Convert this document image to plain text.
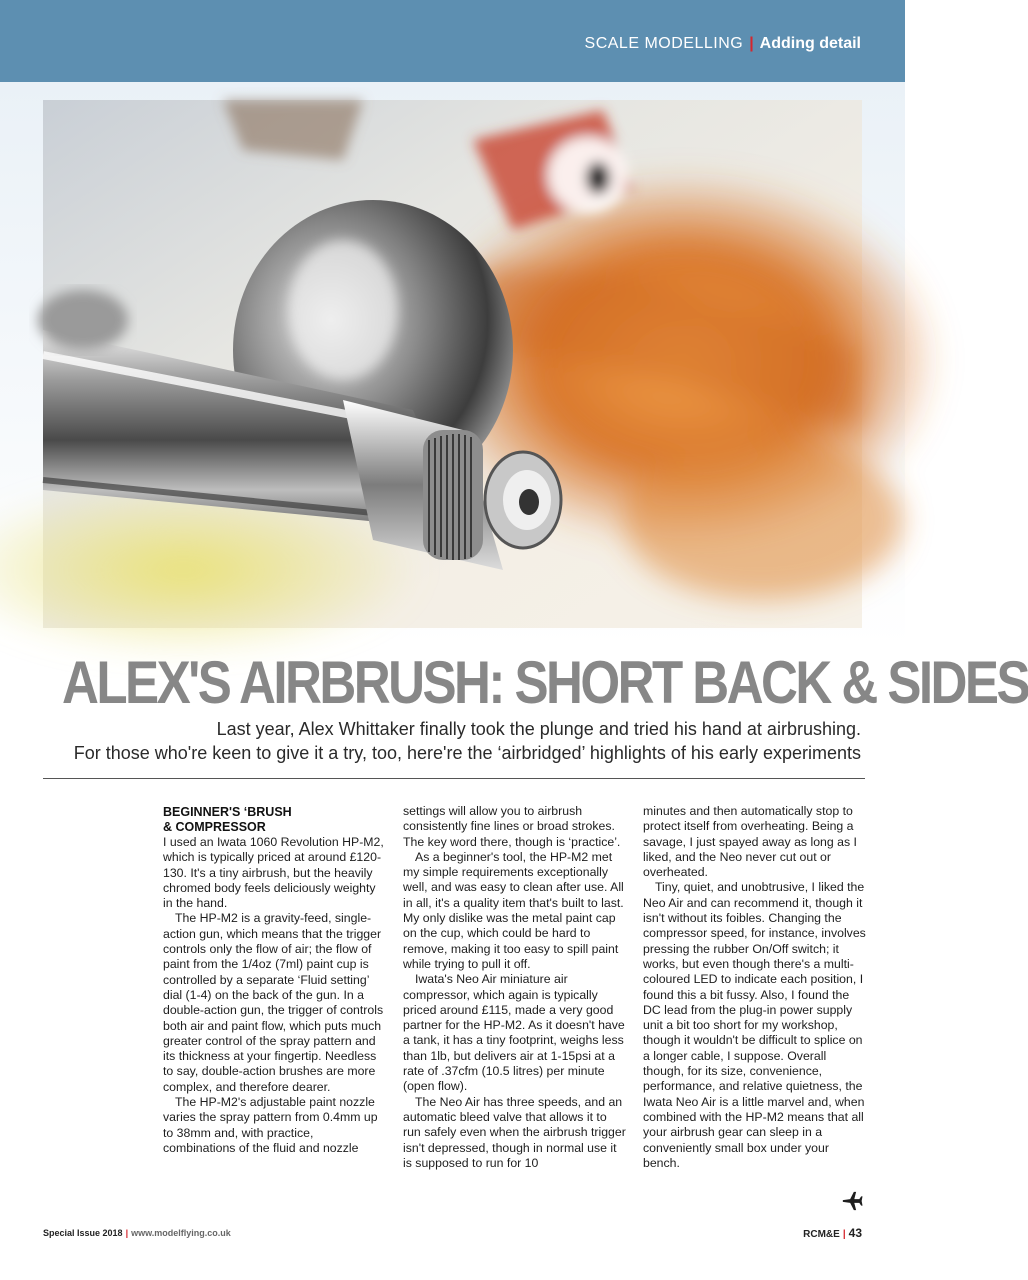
SCALE MODELLING | Adding detail
ALEX'S AIRBRUSH: SHORT BACK & SIDES
Last year, Alex Whittaker finally took the plunge and tried his hand at airbrushing.
For those who're keen to give it a try, too, here're the ‘airbridged’ highlights of his early experiments
BEGINNER'S ‘BRUSH
& COMPRESSOR

I used an Iwata 1060 Revolution HP-M2, which is typically priced at around £120-130. It's a tiny airbrush, but the heavily chromed body feels deliciously weighty in the hand.

The HP-M2 is a gravity-feed, single-action gun, which means that the trigger controls only the flow of air; the flow of paint from the 1/4oz (7ml) paint cup is controlled by a separate ‘Fluid setting’ dial (1-4) on the back of the gun. In a double-action gun, the trigger of controls both air and paint flow, which puts much greater control of the spray pattern and its thickness at your fingertip. Needless to say, double-action brushes are more complex, and therefore dearer.

The HP-M2's adjustable paint nozzle varies the spray pattern from 0.4mm up to 38mm and, with practice, combinations of the fluid and nozzle

settings will allow you to airbrush consistently fine lines or broad strokes. The key word there, though is ‘practice’.

As a beginner's tool, the HP-M2 met my simple requirements exceptionally well, and was easy to clean after use. All in all, it's a quality item that's built to last. My only dislike was the metal paint cap on the cup, which could be hard to remove, making it too easy to spill paint while trying to pull it off.

Iwata's Neo Air miniature air compressor, which again is typically priced around £115, made a very good partner for the HP-M2. As it doesn't have a tank, it has a tiny footprint, weighs less than 1lb, but delivers air at 1-15psi at a rate of .37cfm (10.5 litres) per minute (open flow).

The Neo Air has three speeds, and an automatic bleed valve that allows it to run safely even when the airbrush trigger isn't depressed, though in normal use it is supposed to run for 10

minutes and then automatically stop to protect itself from overheating. Being a savage, I just spayed away as long as I liked, and the Neo never cut out or overheated.

Tiny, quiet, and unobtrusive, I liked the Neo Air and can recommend it, though it isn't without its foibles. Changing the compressor speed, for instance, involves pressing the rubber On/Off switch; it works, but even though there's a multi-coloured LED to indicate each position, I found this a bit fussy. Also, I found the DC lead from the plug-in power supply unit a bit too short for my workshop, though it wouldn't be difficult to splice on a longer cable, I suppose. Overall though, for its size, convenience, performance, and relative quietness, the Iwata Neo Air is a little marvel and, when combined with the HP-M2 means that all your airbrush gear can sleep in a conveniently small box under your bench.

Special Issue 2018 | www.modelflying.co.uk	RCM&E | 43
